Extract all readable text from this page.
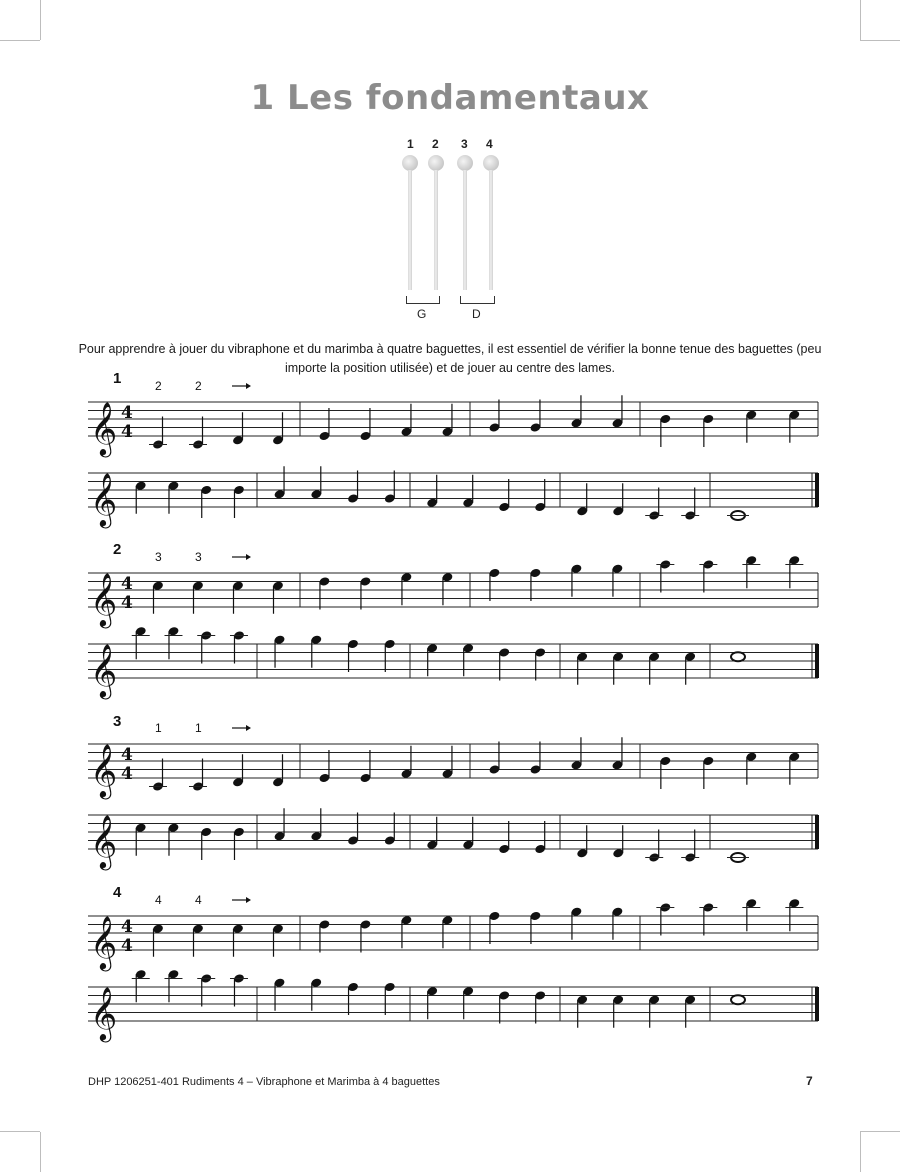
1 Les fondamentaux
1 2 3 4
G	D
Pour apprendre à jouer du vibraphone et du marimba à quatre baguettes, il est essentiel de vérifier la bonne tenue des baguettes (peu importe la position utilisée) et de jouer au centre des lames.
1
2
3
4
𝄞 4
4
2	2
𝄞
𝄞 4
4
3	3
𝄞
𝄞 4
4
1	1
𝄞
𝄞 4
4
4	4
𝄞
DHP 1206251-401 Rudiments 4 – Vibraphone et Marimba à 4 baguettes	7
